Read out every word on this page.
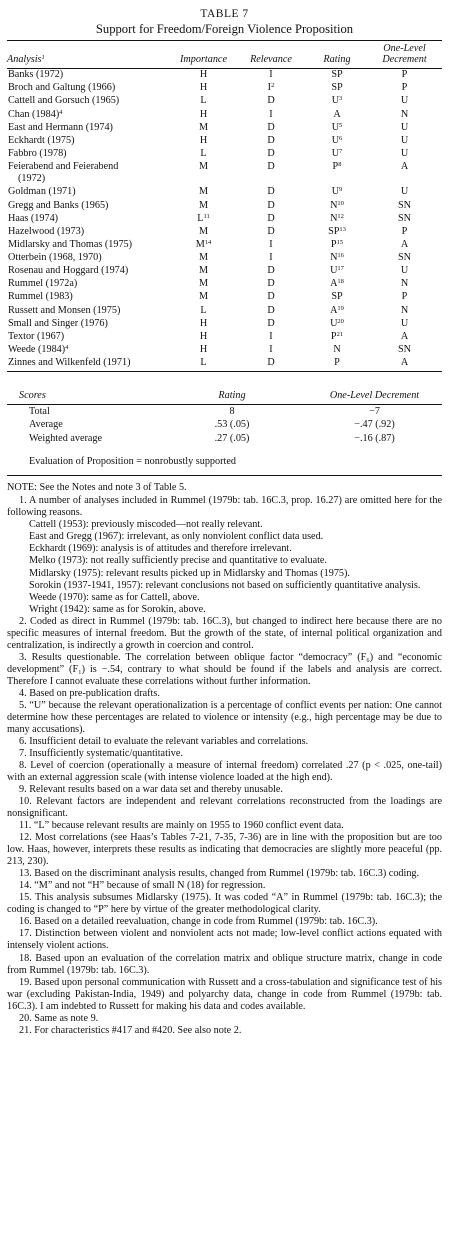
TABLE 7
Support for Freedom/Foreign Violence Proposition
Analysis$^1$	Importance	Relevance	Rating	One-Level Decrement

Banks (1972)	H	I	SP	P
Broch and Galtung (1966)	H	$I^2$	SP	P
Cattell and Gorsuch (1965)	L	D	$U^3$	U
Chan $(1984)^4$	H	I	A	N
East and Hermann (1974)	M	D	$U^5$	U
Eckhardt (1975)	H	D	$U^6$	U
Fabbro (1978)	L	D	$U^7$	U
Feierabend and Feierabend
(1972)	M	D	$P^8$	A
Goldman (1971)	M	D	$U^9$	U
Gregg and Banks (1965)	M	D	$N^{10}$	SN
Haas (1974)	$L^{11}$	D	$N^{12}$	SN
Hazelwood (1973)	M	D	SP$^{13}$	P
Midlarsky and Thomas (1975)	$M^{14}$	I	$P^{15}$	A
Otterbein (1968, 1970)	M	I	$N^{16}$	SN
Rosenau and Hoggard (1974)	M	D	$U^{17}$	U
Rummel (1972a)	M	D	$A^{18}$	N
Rummel (1983)	M	D	SP	P
Russett and Monsen (1975)	L	D	$A^{19}$	N
Small and Singer (1976)	H	D	$U^{20}$	U
Textor (1967)	H	I	$P^{21}$	A
Weede $(1984)^4$	H	I	N	SN
Zinnes and Wilkenfeld (1971)	L	D	P	A
Scores	Rating	One-Level Decrement

Total	8	−7
Average	.53 (.05)	−.47 (.92)
Weighted average	.27 (.05)	−.16 (.87)
Evaluation of Proposition = nonrobustly supported

NOTE: See the Notes and note 3 of Table 5.

1. A number of analyses included in Rummel (1979b: tab. 16C.3, prop. 16.27) are omitted here for the following reasons.

Cattell (1953): previously miscoded—not really relevant.

East and Gregg (1967): irrelevant, as only nonviolent conflict data used.

Eckhardt (1969): analysis is of attitudes and therefore irrelevant.

Melko (1973): not really sufficiently precise and quantitative to evaluate.

Midlarsky (1975): relevant results picked up in Midlarsky and Thomas (1975).

Sorokin (1937-1941, 1957): relevant conclusions not based on sufficiently quantitative analysis.

Weede (1970): same as for Cattell, above.

Wright (1942): same as for Sorokin, above.

2. Coded as direct in Rummel (1979b: tab. 16C.3), but changed to indirect here because there are no specific measures of internal freedom. But the growth of the state, of internal political organization and centralization, is indirectly a growth in coercion and control.

3. Results questionable. The correlation between oblique factor “democracy” (F₆) and “economic development” (F₁) is −.54, contrary to what should be found if the labels and analysis are correct. Therefore I cannot evaluate these correlations without further information.

4. Based on pre-publication drafts.

5. “U” because the relevant operationalization is a percentage of conflict events per nation: One cannot determine how these percentages are related to violence or intensity (e.g., high percentage may be due to many accusations).

6. Insufficient detail to evaluate the relevant variables and correlations.

7. Insufficiently systematic/quantitative.

8. Level of coercion (operationally a measure of internal freedom) correlated .27 (p < .025, one-tail) with an external aggression scale (with intense violence loaded at the high end).

9. Relevant results based on a war data set and thereby unusable.

10. Relevant factors are independent and relevant correlations reconstructed from the loadings are nonsignificant.

11. “L” because relevant results are mainly on 1955 to 1960 conflict event data.

12. Most correlations (see Haas’s Tables 7-21, 7-35, 7-36) are in line with the proposition but are too low. Haas, however, interprets these results as indicating that democracies are slightly more peaceful (pp. 213, 230).

13. Based on the discriminant analysis results, changed from Rummel (1979b: tab. 16C.3) coding.

14. “M” and not “H” because of small N (18) for regression.

15. This analysis subsumes Midlarsky (1975). It was coded “A” in Rummel (1979b: tab. 16C.3); the coding is changed to “P” here by virtue of the greater methodological clarity.

16. Based on a detailed reevaluation, change in code from Rummel (1979b: tab. 16C.3).

17. Distinction between violent and nonviolent acts not made; low-level conflict actions equated with intensely violent actions.

18. Based upon an evaluation of the correlation matrix and oblique structure matrix, change in code from Rummel (1979b: tab. 16C.3).

19. Based upon personal communication with Russett and a cross-tabulation and significance test of his war (excluding Pakistan-India, 1949) and polyarchy data, change in code from Rummel (1979b: tab. 16C.3). I am indebted to Russett for making his data and codes available.

20. Same as note 9.

21. For characteristics #417 and #420. See also note 2.
